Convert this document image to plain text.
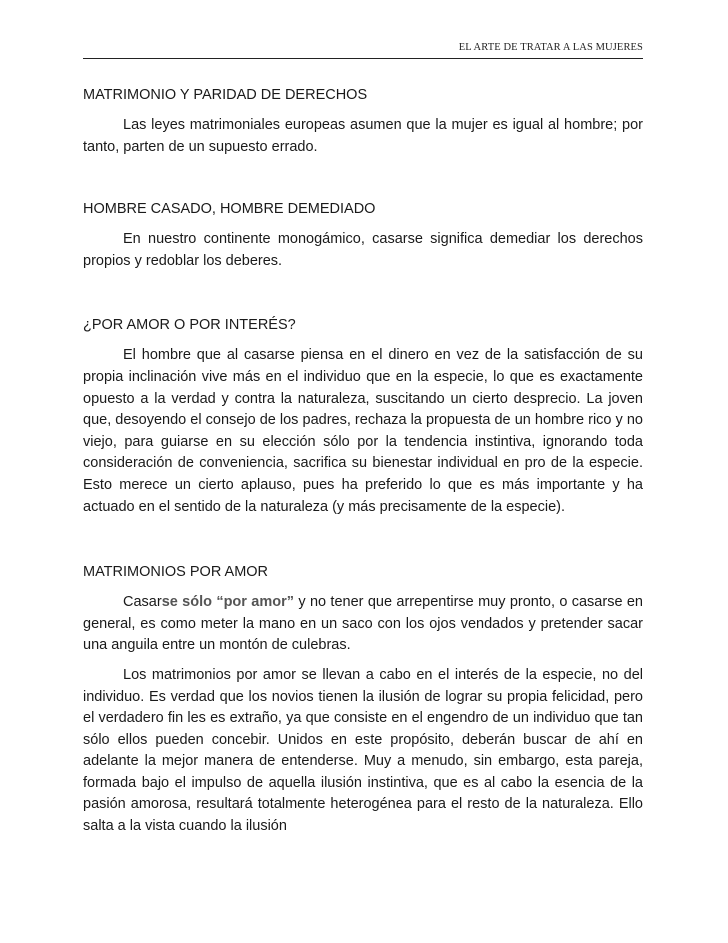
EL ARTE DE TRATAR A LAS MUJERES
MATRIMONIO Y PARIDAD DE DERECHOS

Las leyes matrimoniales europeas asumen que la mujer es igual al hombre; por tanto, parten de un supuesto errado.

HOMBRE CASADO, HOMBRE DEMEDIADO

En nuestro continente monogámico, casarse significa demediar los derechos propios y redoblar los deberes.

¿POR AMOR O POR INTERÉS?

El hombre que al casarse piensa en el dinero en vez de la satisfacción de su propia inclinación vive más en el individuo que en la especie, lo que es exactamente opuesto a la verdad y contra la naturaleza, suscitando un cierto desprecio. La joven que, desoyendo el consejo de los padres, rechaza la propuesta de un hombre rico y no viejo, para guiarse en su elección sólo por la tendencia instintiva, ignorando toda consideración de conveniencia, sacrifica su bienestar individual en pro de la especie. Esto merece un cierto aplauso, pues ha preferido lo que es más importante y ha actuado en el sentido de la naturaleza (y más precisamente de la especie).

MATRIMONIOS POR AMOR

Casarse sólo “por amor” y no tener que arrepentirse muy pronto, o casarse en general, es como meter la mano en un saco con los ojos vendados y pretender sacar una anguila entre un montón de culebras.

Los matrimonios por amor se llevan a cabo en el interés de la especie, no del individuo. Es verdad que los novios tienen la ilusión de lograr su propia felicidad, pero el verdadero fin les es extraño, ya que consiste en el engendro de un individuo que tan sólo ellos pueden concebir. Unidos en este propósito, deberán buscar de ahí en adelante la mejor manera de entenderse. Muy a menudo, sin embargo, esta pareja, formada bajo el impulso de aquella ilusión instintiva, que es al cabo la esencia de la pasión amorosa, resultará totalmente heterogénea para el resto de la naturaleza. Ello salta a la vista cuando la ilusión
